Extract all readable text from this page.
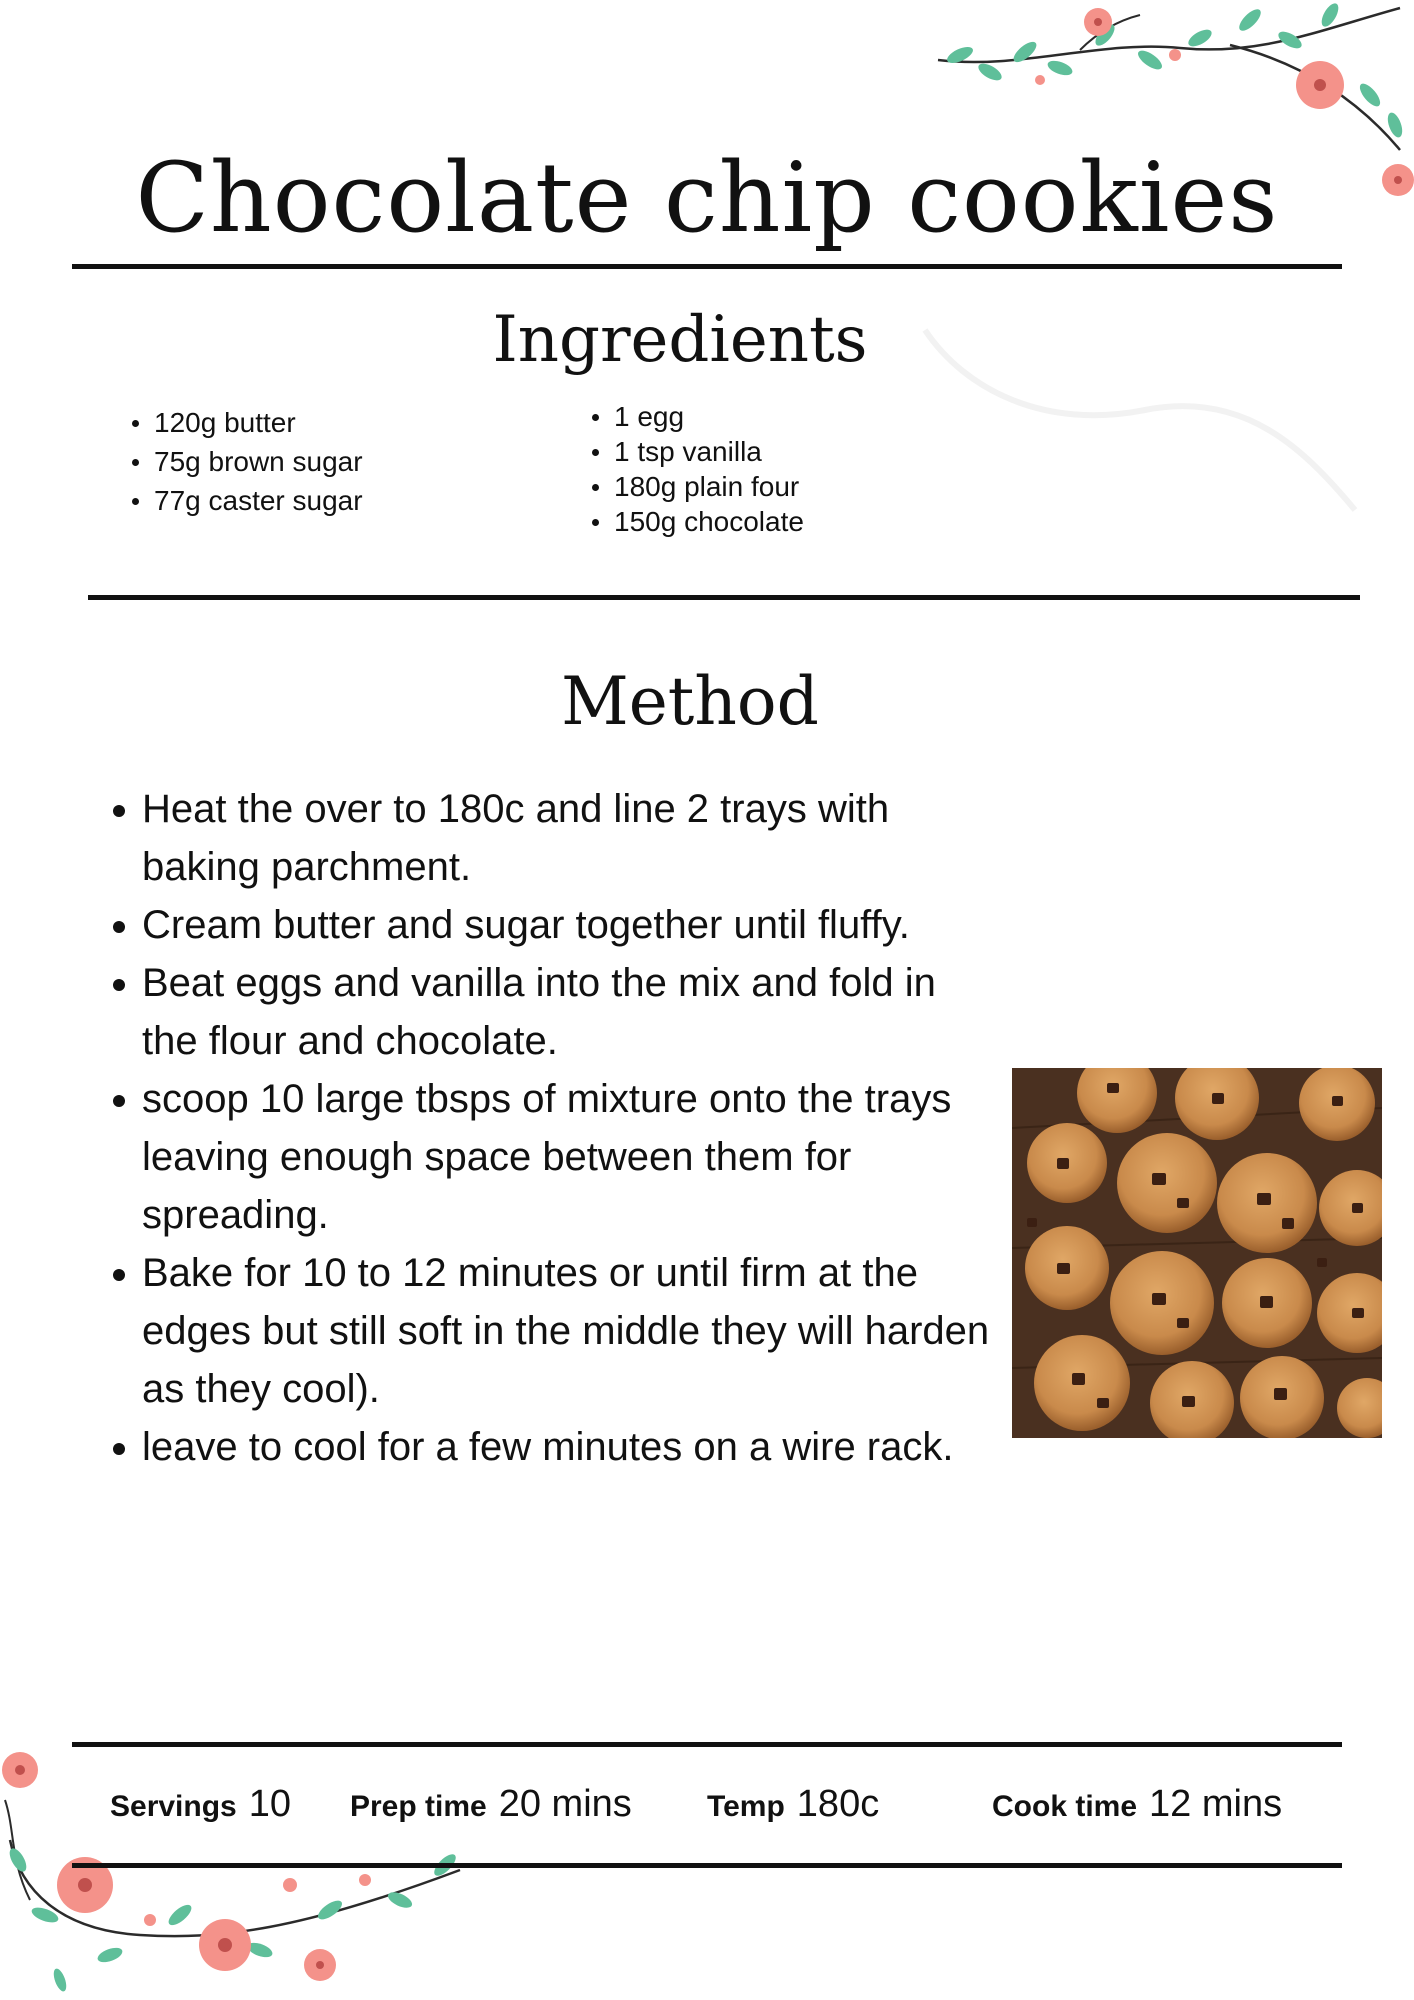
Chocolate chip cookies
Ingredients
120g butter
75g brown sugar
77g caster sugar
1 egg
1 tsp vanilla
180g plain four
150g chocolate
Method
Heat the over to 180c and line 2 trays with baking parchment.
Cream butter and sugar together until fluffy.
Beat eggs and vanilla into the mix and fold in the flour and chocolate.
scoop 10 large tbsps of mixture onto the trays leaving enough space between them for spreading.
Bake for 10 to 12 minutes or until firm at the edges but still soft in the middle they will harden as they cool).
leave to cool for a few minutes on a wire rack.
Servings 10 Prep time 20 mins	Temp 180c	Cook time 12 mins
